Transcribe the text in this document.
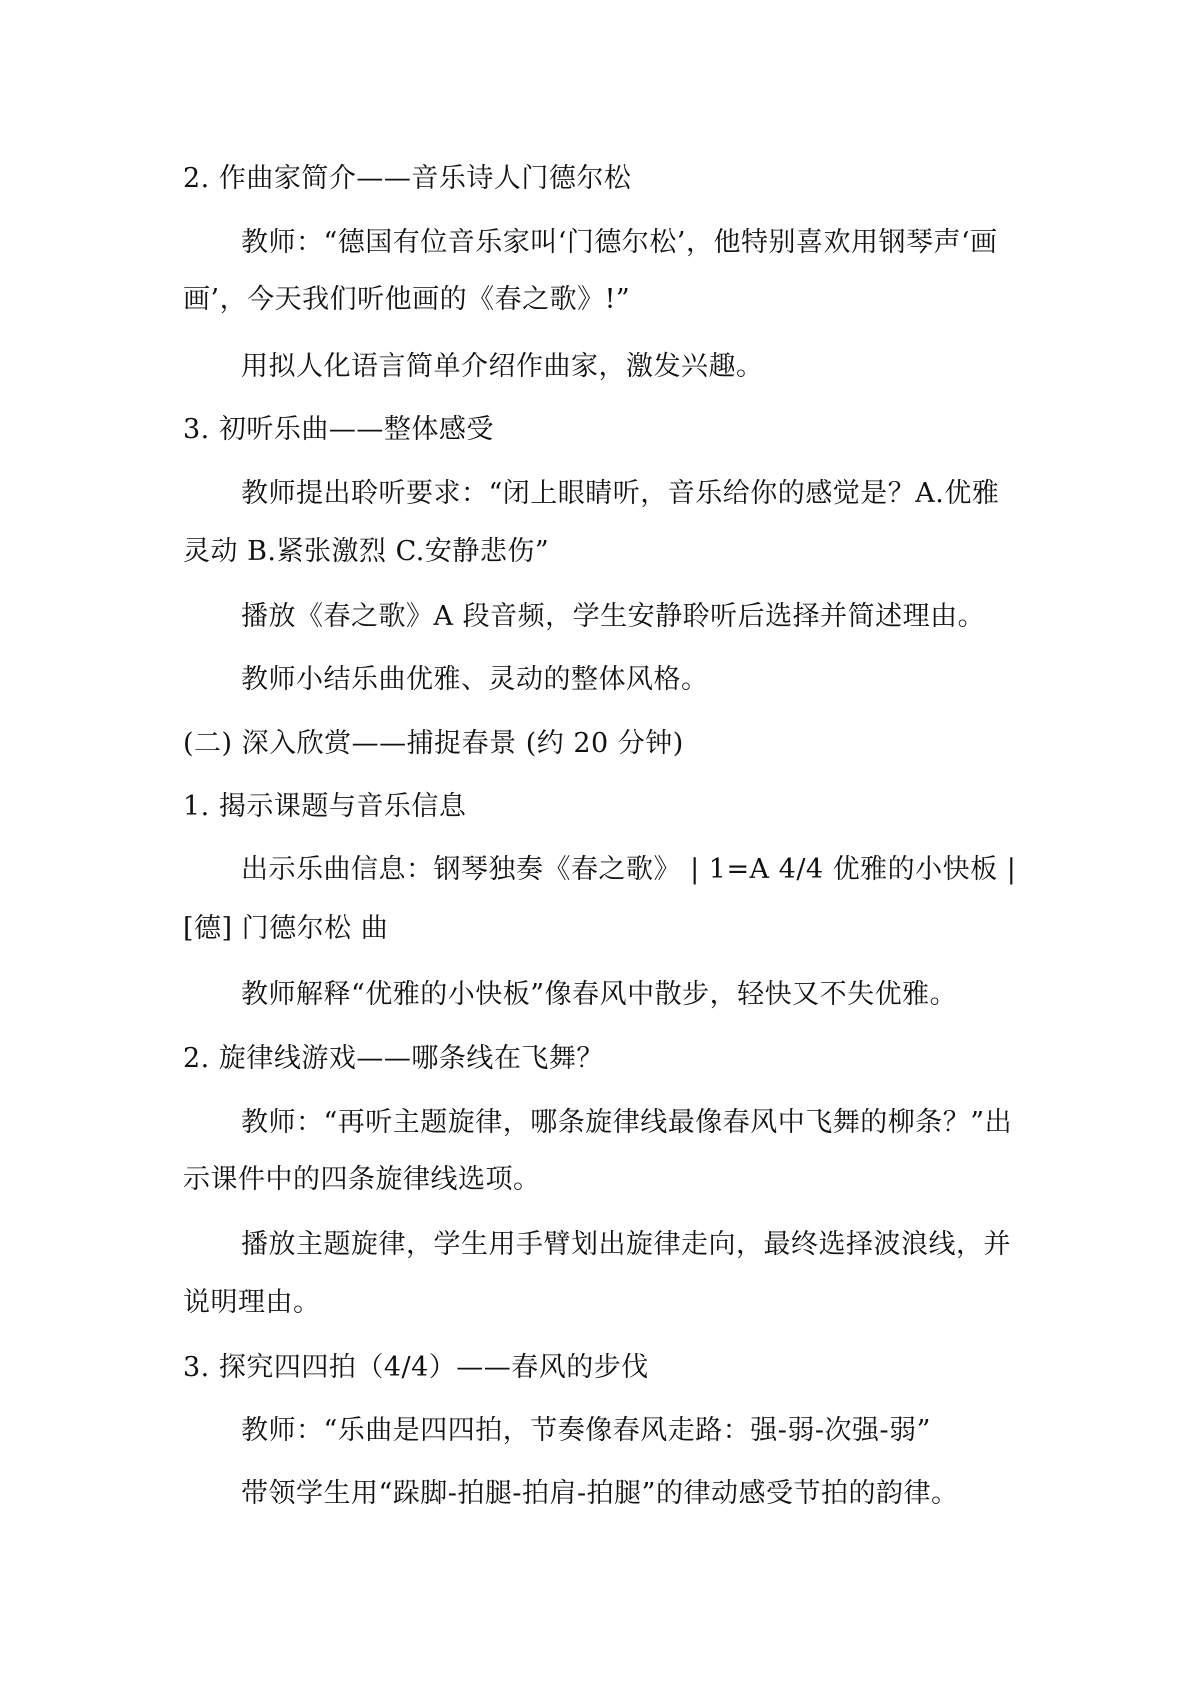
2. 作曲家简介——音乐诗人门德尔松
教师：“德国有位音乐家叫‘门德尔松’，他特别喜欢用钢琴声‘画
画’，今天我们听他画的《春之歌》!”
用拟人化语言简单介绍作曲家，激发兴趣。
3. 初听乐曲——整体感受
教师提出聆听要求：“闭上眼睛听，音乐给你的感觉是？A.优雅
灵动 B.紧张激烈 C.安静悲伤”
播放《春之歌》A 段音频，学生安静聆听后选择并简述理由。
教师小结乐曲优雅、灵动的整体风格。
(二) 深入欣赏——捕捉春景 (约 20 分钟)
1. 揭示课题与音乐信息
出示乐曲信息：钢琴独奏《春之歌》 | 1=A 4/4 优雅的小快板 |
[德] 门德尔松 曲
教师解释“优雅的小快板”像春风中散步，轻快又不失优雅。
2. 旋律线游戏——哪条线在飞舞？
教师：“再听主题旋律，哪条旋律线最像春风中飞舞的柳条？”出
示课件中的四条旋律线选项。
播放主题旋律，学生用手臂划出旋律走向，最终选择波浪线，并
说明理由。
3. 探究四四拍（4/4）——春风的步伐
教师：“乐曲是四四拍，节奏像春风走路：强-弱-次强-弱”
带领学生用“跺脚-拍腿-拍肩-拍腿”的律动感受节拍的韵律。
